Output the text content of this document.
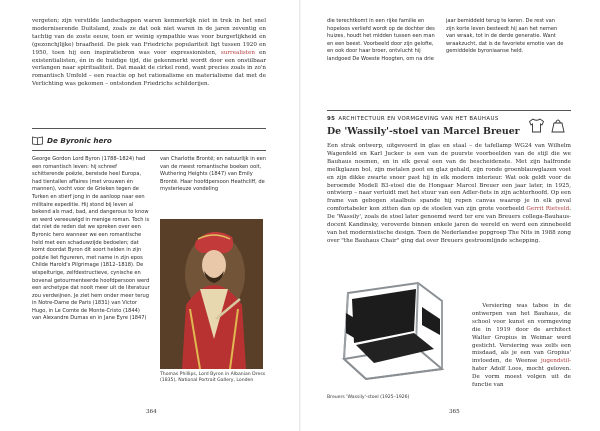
vergeten; zijn verstilde landschappen waren kenmerkijk niet in trek in het snel moderniserende Duitsland, zoals ze dat ook niet waren in de jaren zeventig en tachtig van de zoste eeuw, toen er weinig sympathie was voor burgerlijkheid en (gezonchjlijke) braafheid. De piek van Friedrichs populariteit ligt tussen 1920 en 1950, toen hij een inspiratiebron was voor expressionisten, surrealisten en existentialisten, én in de huidige tijd, die gekenmerkt wordt door een onstilbaar verlangen naar spiritualiteit. Dat maakt de cirkel rond, want precies zoals in zo'n romantisch Umfeld – een reactie op het rationalisme en materialisme dat met de Verlichting was gekomen – ontstonden Friedrichs schilderijen.

De Byronic hero

George Gordon Lord Byron (1788–1824) had een romantisch leven: hij schreef schitterende poëzie, bereisde heel Europa, had tientallen affaires (met vrouwen én mannen), vocht voor de Grieken tegen de Turken en stierf jong in de aanloop naar een militaire expeditie. Hij stond bij leven al bekend als mad, bad, and dangerous to know en werd vereeuwigd in menige roman. Toch is dat niet de reden dat we spreken over een Byronic hero wanneer we een romantische held met een schaduwzijde bedoelen; dat komt doordat Byron dit soort helden in zijn poëzie liet figureren, met name in zijn epos Childe Harold's Pilgrimage (1812–1818). De wispelturige, zelfdestructieve, cynische en bovenal getourmenteerde hoofdpersoon werd een archetype dat nooit meer uit de literatuur zou verdwijnen. Je ziet hem onder meer terug in Notre-Dame de Paris (1831) van Victor Hugo, in Le Comte de Monte-Cristo (1844) van Alexandre Dumas en in Jane Eyre (1847)

van Charlotte Brontë; en natuurlijk in een van de meest romantische boeken ooit, Wuthering Heights (1847) van Emily Brontë. Haar hoofdpersoon Heathcliff, de mysterieuze vondeling

Thomas Phillips, Lord Byron in Albanian Dress (1835), National Portrait Gallery, Londen
364

die terechtkomt in een rijke familie en hopeloos verliefd wordt op de dochter des huizes, houdt het midden tussen een man en een beest. Voorbeeld door zijn gelofte, en ook door haar broer, ontvlucht hij landgoed De Woeste Hoogten, om na drie

jaar bemiddeld terug te keren. De rest van zijn korte leven besteedt hij aan het nemen van wraak, tot in de derde generatie. Want wraakzucht, dat is de favoriete emotie van de gemiddelde byroniaanse held.

95 ARCHITECTUUR EN VORMGEVING VAN HET BAUHAUS
De 'Wassily'-stoel van Marcel Breuer

Een strak ontwerp, uitgevoerd in glas en staal – de tafellamp WG24 van Wilhelm Wagenfeld en Karl Jucker is een van de puurste voorbeelden van de stijl die we Bauhaus noemen, en in elk geval een van de bescheidenste. Met zijn halfronde melkglazen bol, zijn metalen poot en glaz gehald, zijn ronde groenblauwglazen voet en zijn dikke zwarte snoer past hij in elk modern interieur. Wat ook geldt voor de beroemde Modell B3-stoel die de Hongaar Marcel Breuer een jaar later, in 1925, ontwierp – naar verluidt met het stuur van een Adler-fiets in zijn achterhoofd. Op een frame van gebogen staalbuis spande hij repen canvas waarop je in elk geval comfortabeler kon zitten dan op de stoelen van zijn grote voorbeeld Gerrit Rietveld. De 'Wassily', zoals de stoel later genoemd werd ter ere van Breuers collega-Bauhaus-docent Kandinsky, veroverde binnen enkele jaren de wereld en werd een zinnebeeld van het modernistische design. Toen de Nederlandse popgroep The Nits in 1988 zong over "the Bauhaus Chair" ging dat over Breuers gestroomlijnde schepping.

Versiering was taboe in de ontwerpen van het Bauhaus, de school voor kunst en vormgeving die in 1919 door de architect Walter Gropius in Weimar werd gesticht. Versiering was zelfs een misdaad, als je een van Gropius' invloeden, de Weense jugendstil-hater Adolf Loos, mocht geloven. De vorm moest volgen uit de functie van

Breuers 'Wassily'-stoel (1925–1926)
365
